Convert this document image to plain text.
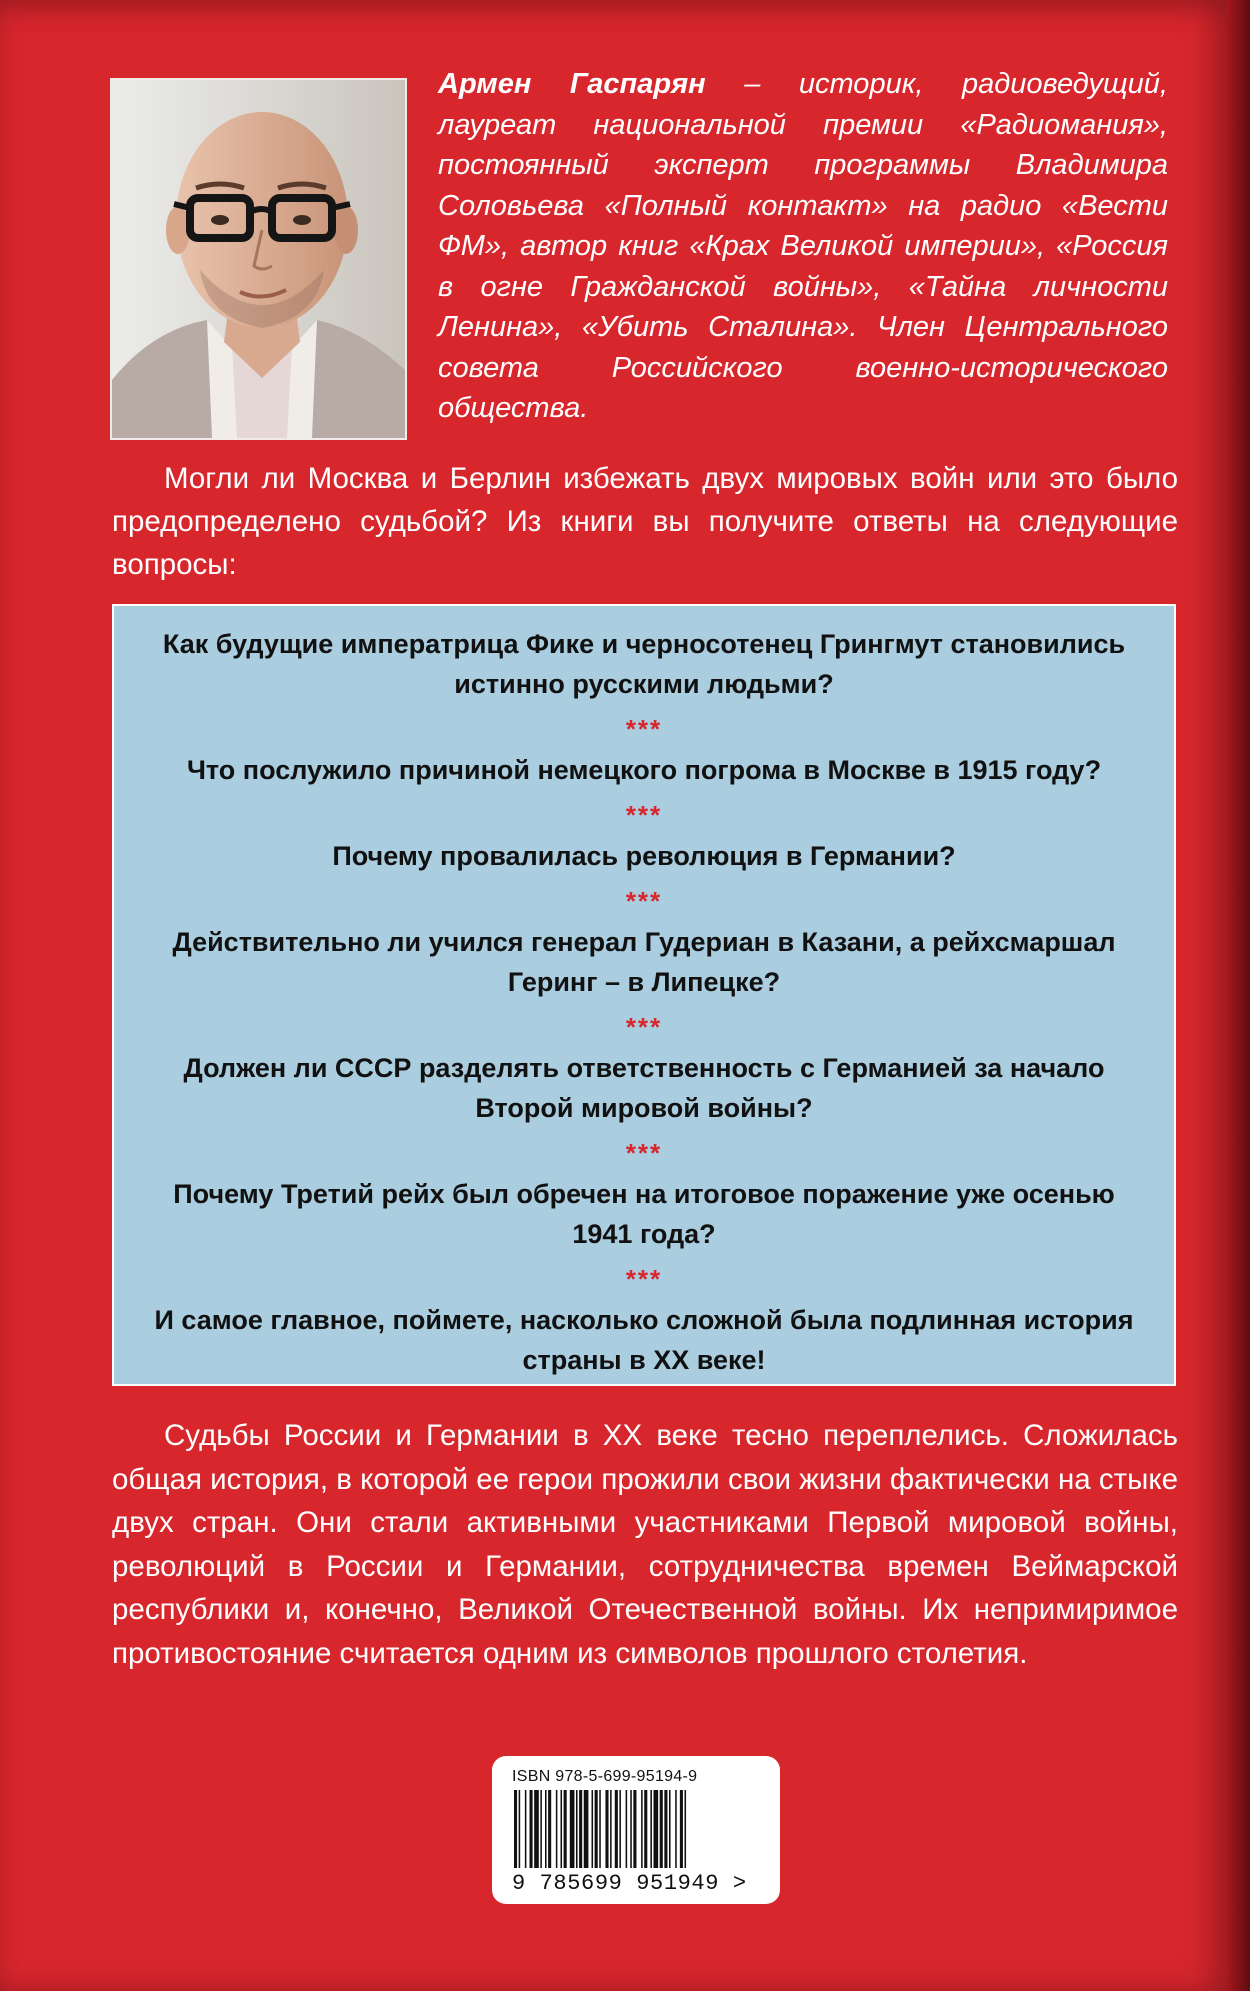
Армен Гаспарян – историк, радиоведущий, лауреат национальной премии «Радиомания», постоянный эксперт программы Владимира Соловьева «Полный контакт» на радио «Вести ФМ», автор книг «Крах Великой империи», «Россия в огне Гражданской войны», «Тайна личности Ленина», «Убить Сталина». Член Центрального совета Российского военно-исторического общества.
Могли ли Москва и Берлин избежать двух мировых войн или это было предопределено судьбой? Из книги вы получите ответы на следующие вопросы:

Как будущие императрица Фике и черносотенец Грингмут становились истинно русскими людьми?

***

Что послужило причиной немецкого погрома в Москве в 1915 году?

***

Почему провалилась революция в Германии?

***

Действительно ли учился генерал Гудериан в Казани, а рейхсмаршал Геринг – в Липецке?

***

Должен ли СССР разделять ответственность с Германией за начало Второй мировой войны?

***

Почему Третий рейх был обречен на итоговое поражение уже осенью 1941 года?

***

И самое главное, поймете, насколько сложной была подлинная история страны в XX веке!

Судьбы России и Германии в XX веке тесно переплелись. Сложилась общая история, в которой ее герои прожили свои жизни фактически на стыке двух стран. Они стали активными участниками Первой мировой войны, революций в России и Германии, сотрудничества времен Веймарской республики и, конечно, Великой Отечественной войны. Их непримиримое противостояние считается одним из символов прошлого столетия.
ISBN 978-5-699-95194-9
9 785699 951949 >
